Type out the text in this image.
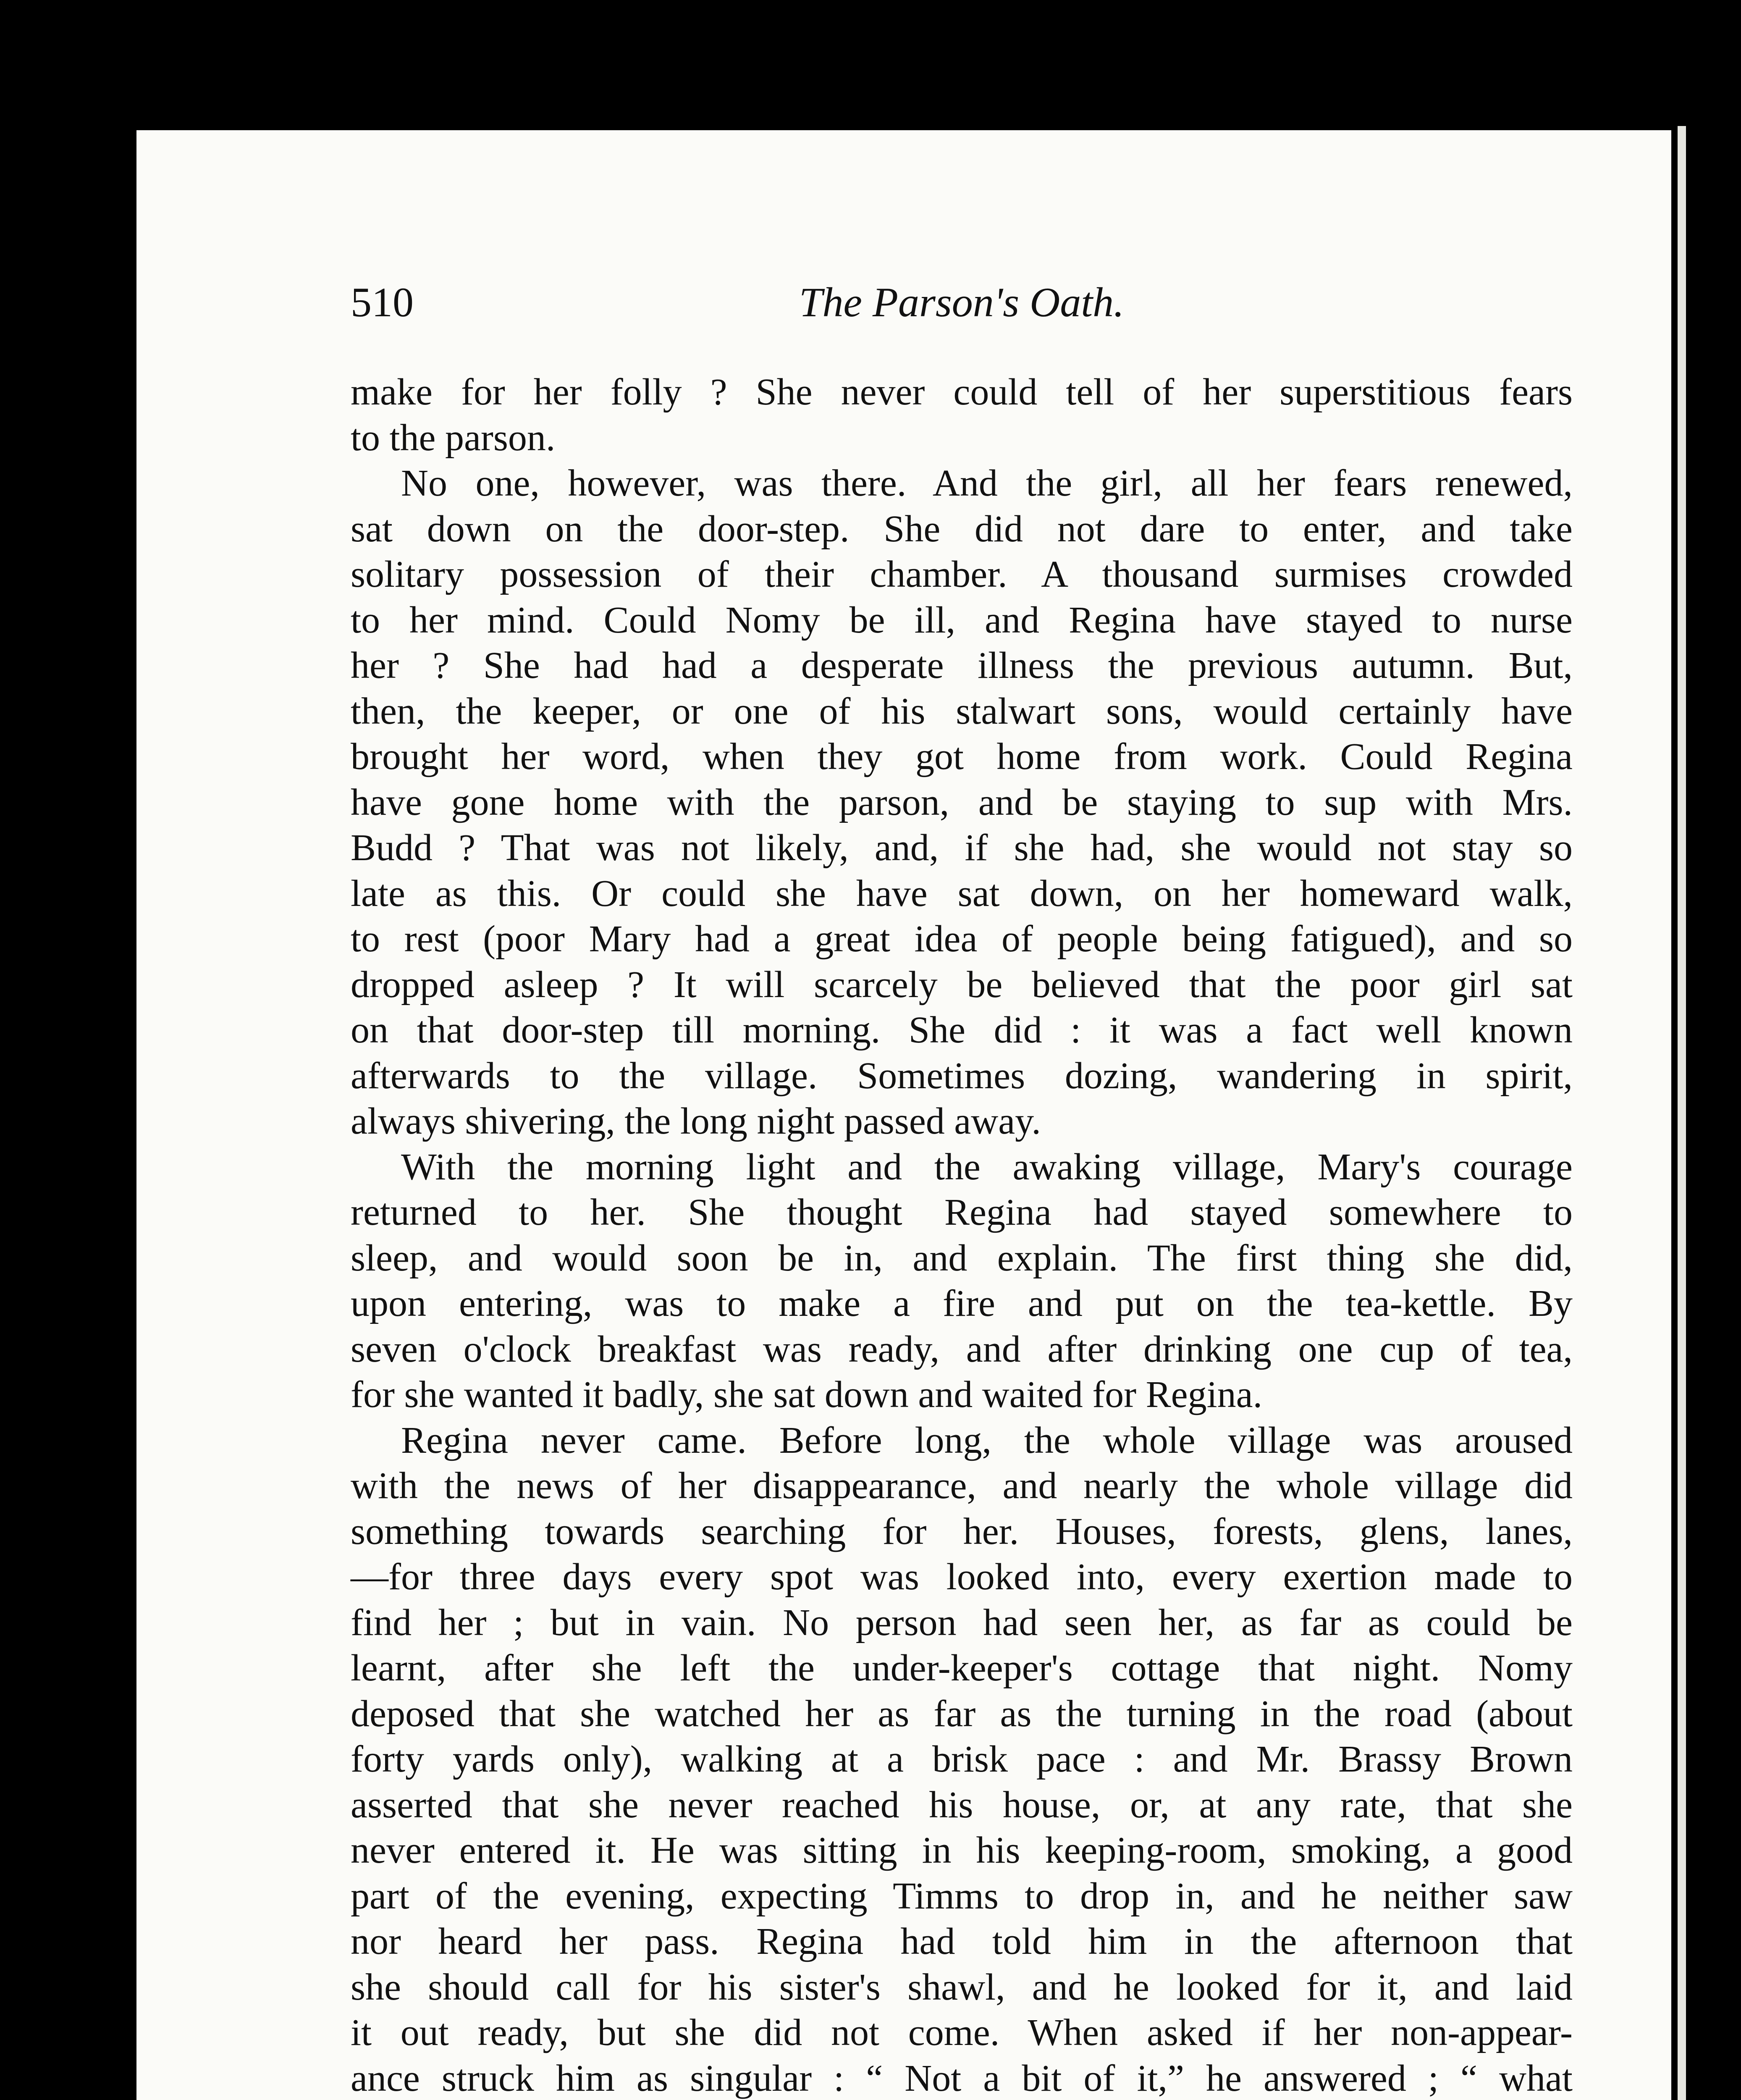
510	The Parson's Oath.
make for her folly ? She never could tell of her superstitious fears
to the parson.
No one, however, was there. And the girl, all her fears renewed,
sat down on the door-step. She did not dare to enter, and take
solitary possession of their chamber. A thousand surmises crowded
to her mind. Could Nomy be ill, and Regina have stayed to nurse
her ? She had had a desperate illness the previous autumn. But,
then, the keeper, or one of his stalwart sons, would certainly have
brought her word, when they got home from work. Could Regina
have gone home with the parson, and be staying to sup with Mrs.
Budd ? That was not likely, and, if she had, she would not stay so
late as this. Or could she have sat down, on her homeward walk,
to rest (poor Mary had a great idea of people being fatigued), and so
dropped asleep ? It will scarcely be believed that the poor girl sat
on that door-step till morning. She did : it was a fact well known
afterwards to the village. Sometimes dozing, wandering in spirit,
always shivering, the long night passed away.
With the morning light and the awaking village, Mary's courage
returned to her. She thought Regina had stayed somewhere to
sleep, and would soon be in, and explain. The first thing she did,
upon entering, was to make a fire and put on the tea-kettle. By
seven o'clock breakfast was ready, and after drinking one cup of tea,
for she wanted it badly, she sat down and waited for Regina.
Regina never came. Before long, the whole village was aroused
with the news of her disappearance, and nearly the whole village did
something towards searching for her. Houses, forests, glens, lanes,
—for three days every spot was looked into, every exertion made to
find her ; but in vain. No person had seen her, as far as could be
learnt, after she left the under-keeper's cottage that night. Nomy
deposed that she watched her as far as the turning in the road (about
forty yards only), walking at a brisk pace : and Mr. Brassy Brown
asserted that she never reached his house, or, at any rate, that she
never entered it. He was sitting in his keeping-room, smoking, a good
part of the evening, expecting Timms to drop in, and he neither saw
nor heard her pass. Regina had told him in the afternoon that
she should call for his sister's shawl, and he looked for it, and laid
it out ready, but she did not come. When asked if her non-appear-
ance struck him as singular : “ Not a bit of it,” he answered ; “ what
